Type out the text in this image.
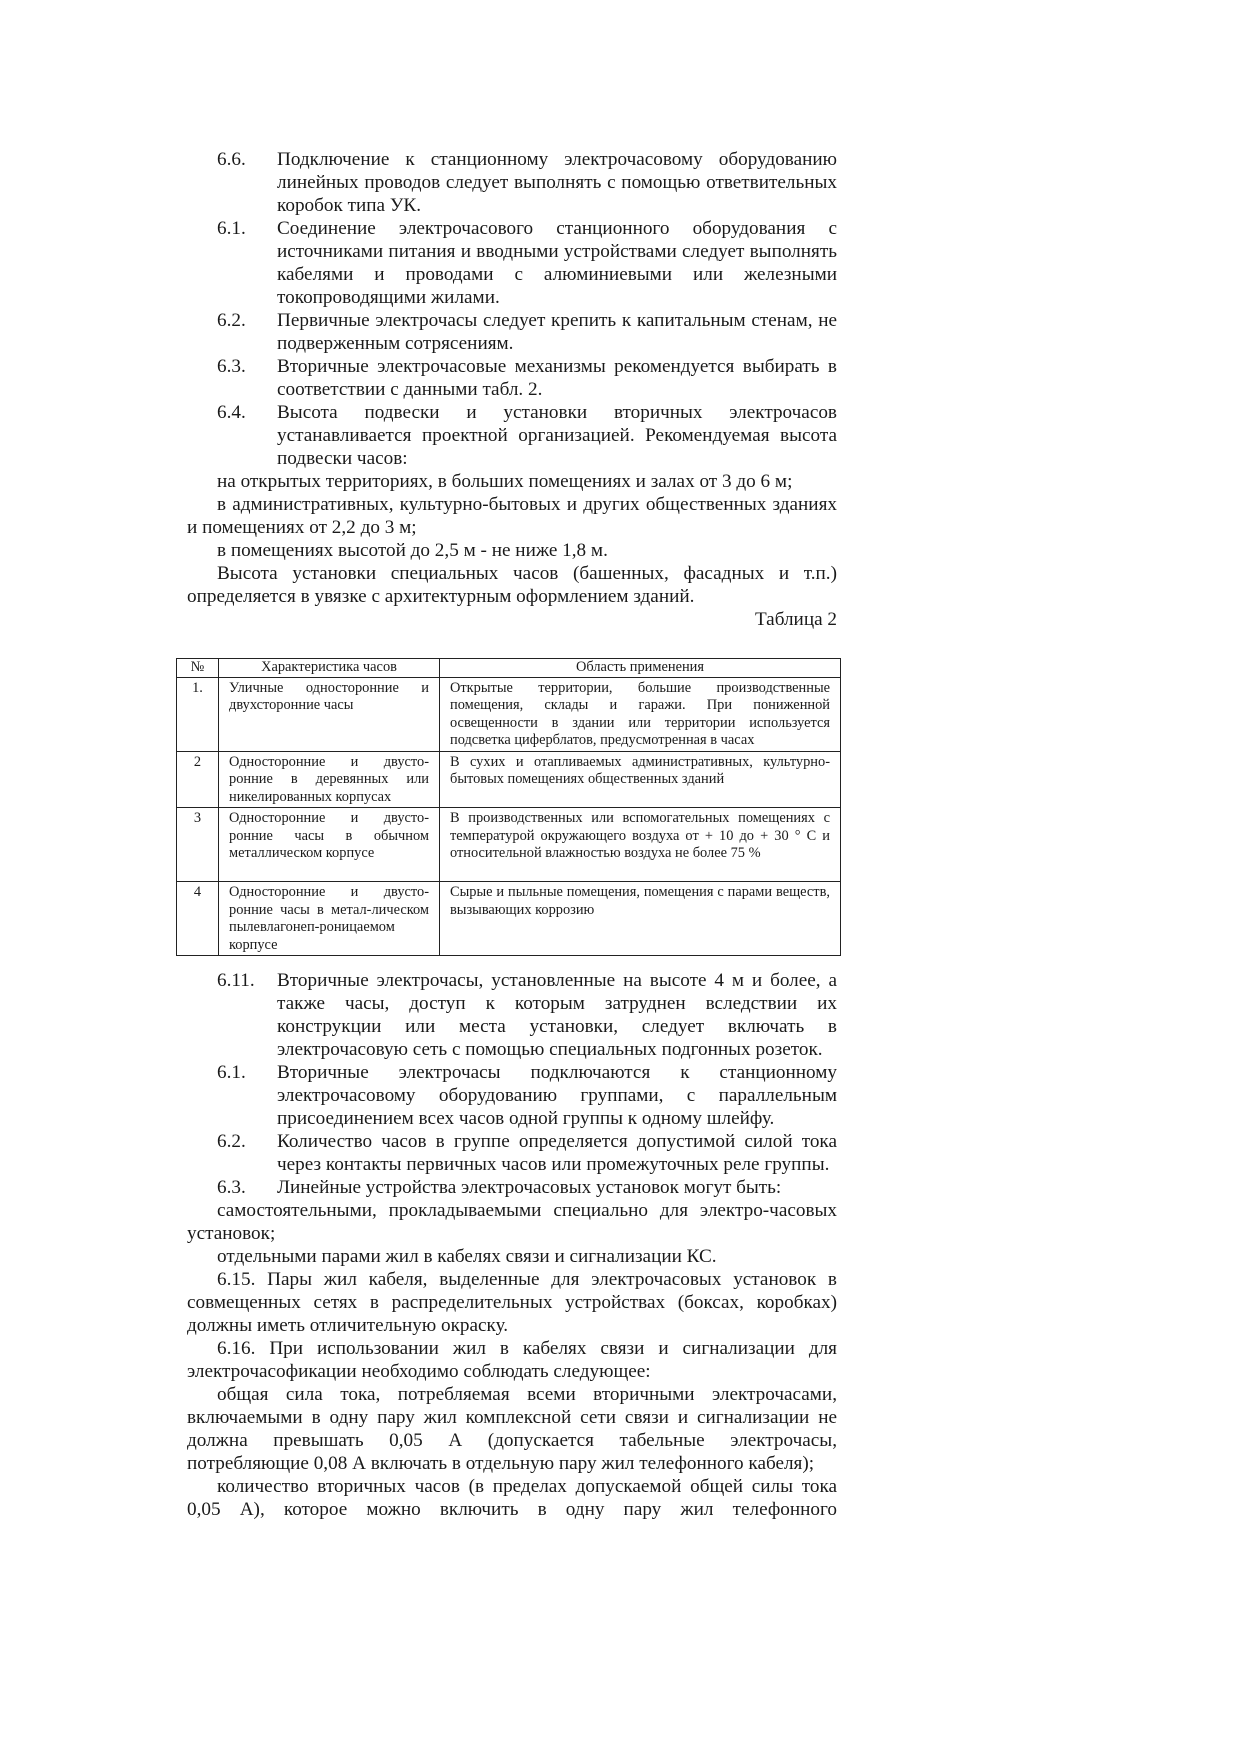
6.6. Подключение к станционному электрочасовому оборудованию линейных проводов следует выполнять с помощью ответвительных коробок типа УК.

6.1. Соединение электрочасового станционного оборудования с источниками питания и вводными устройствами следует выполнять кабелями и проводами с алюминиевыми или железными токопроводящими жилами.

6.2. Первичные электрочасы следует крепить к капитальным стенам, не подверженным сотрясениям.

6.3. Вторичные электрочасовые механизмы рекомендуется выбирать в соответствии с данными табл. 2.

6.4. Высота подвески и установки вторичных электрочасов устанавливается проектной организацией. Рекомендуемая высота подвески часов:

на открытых территориях, в больших помещениях и залах от 3 до 6 м;

в административных, культурно-бытовых и других общественных зданиях и помещениях от 2,2 до 3 м;

в помещениях высотой до 2,5 м - не ниже 1,8 м.

Высота установки специальных часов (башенных, фасадных и т.п.) определяется в увязке с архитектурным оформлением зданий.

Таблица 2

№	Характеристика часов	Область применения
1.	Уличные односторонние и двухсторонние часы	Открытые территории, большие производственные помещения, склады и гаражи. При пониженной освещенности в здании или территории используется подсветка циферблатов, предусмотренная в часах
2	Односторонние и двусто-ронние в деревянных или никелированных корпусах	В сухих и отапливаемых административных, культурно-бытовых помещениях общественных зданий
3	Односторонние и двусто-ронние часы в обычном металлическом корпусе	В производственных или вспомогательных помещениях с температурой окружающего воздуха от + 10 до + 30 ° С и относительной влажностью воздуха не более 75 %
4	Односторонние и двусто-ронние часы в метал-лическом пылевлагонеп-роницаемом корпусе	Сырые и пыльные помещения, помещения с парами веществ, вызывающих коррозию

6.11. Вторичные электрочасы, установленные на высоте 4 м и более, а также часы, доступ к которым затруднен вследствии их конструкции или места установки, следует включать в электрочасовую сеть с помощью специальных подгонных розеток.

6.1. Вторичные электрочасы подключаются к станционному электрочасовому оборудованию группами, с параллельным присоединением всех часов одной группы к одному шлейфу.

6.2. Количество часов в группе определяется допустимой силой тока через контакты первичных часов или промежуточных реле группы.

6.3. Линейные устройства электрочасовых установок могут быть:

самостоятельными, прокладываемыми специально для электро-часовых установок;

отдельными парами жил в кабелях связи и сигнализации КС.

6.15. Пары жил кабеля, выделенные для электрочасовых установок в совмещенных сетях в распределительных устройствах (боксах, коробках) должны иметь отличительную окраску.

6.16. При использовании жил в кабелях связи и сигнализации для электрочасофикации необходимо соблюдать следующее:

общая сила тока, потребляемая всеми вторичными электрочасами, включаемыми в одну пару жил комплексной сети связи и сигнализации не должна превышать 0,05 А (допускается табельные электрочасы, потребляющие 0,08 А включать в отдельную пару жил телефонного кабеля);

количество вторичных часов (в пределах допускаемой общей силы тока 0,05 А), которое можно включить в одну пару жил телефонного
